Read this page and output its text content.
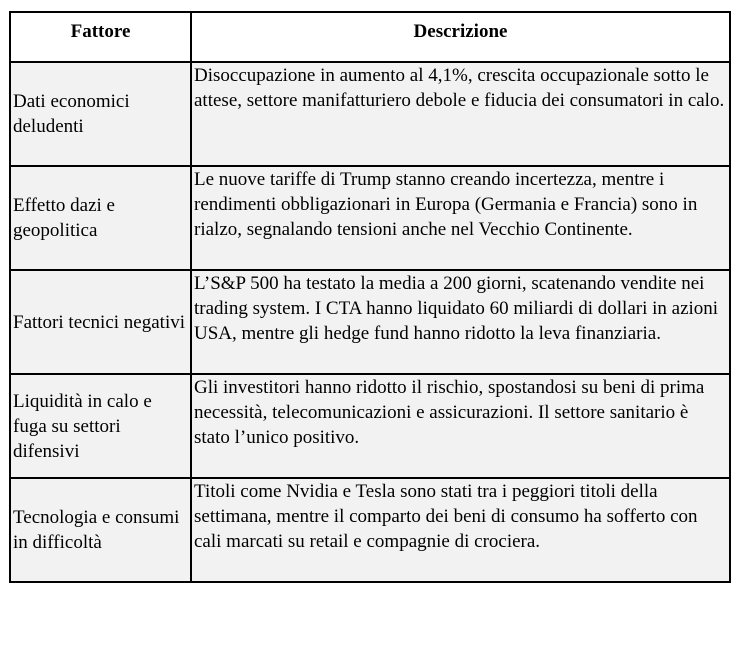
Fattore	Descrizione
Dati economici deludenti	Disoccupazione in aumento al 4,1%, crescita occupazionale sotto le attese, settore manifatturiero debole e fiducia dei consumatori in calo.
Effetto dazi e geopolitica	Le nuove tariffe di Trump stanno creando incertezza, mentre i rendimenti obbligazionari in Europa (Germania e Francia) sono in rialzo, segnalando tensioni anche nel Vecchio Continente.
Fattori tecnici negativi	L’S&P 500 ha testato la media a 200 giorni, scatenando vendite nei trading system. I CTA hanno liquidato 60 miliardi di dollari in azioni USA, mentre gli hedge fund hanno ridotto la leva finanziaria.
Liquidità in calo e fuga su settori difensivi	Gli investitori hanno ridotto il rischio, spostandosi su beni di prima necessità, telecomunicazioni e assicurazioni. Il settore sanitario è stato l’unico positivo.
Tecnologia e consumi in difficoltà	Titoli come Nvidia e Tesla sono stati tra i peggiori titoli della settimana, mentre il comparto dei beni di consumo ha sofferto con cali marcati su retail e compagnie di crociera.
